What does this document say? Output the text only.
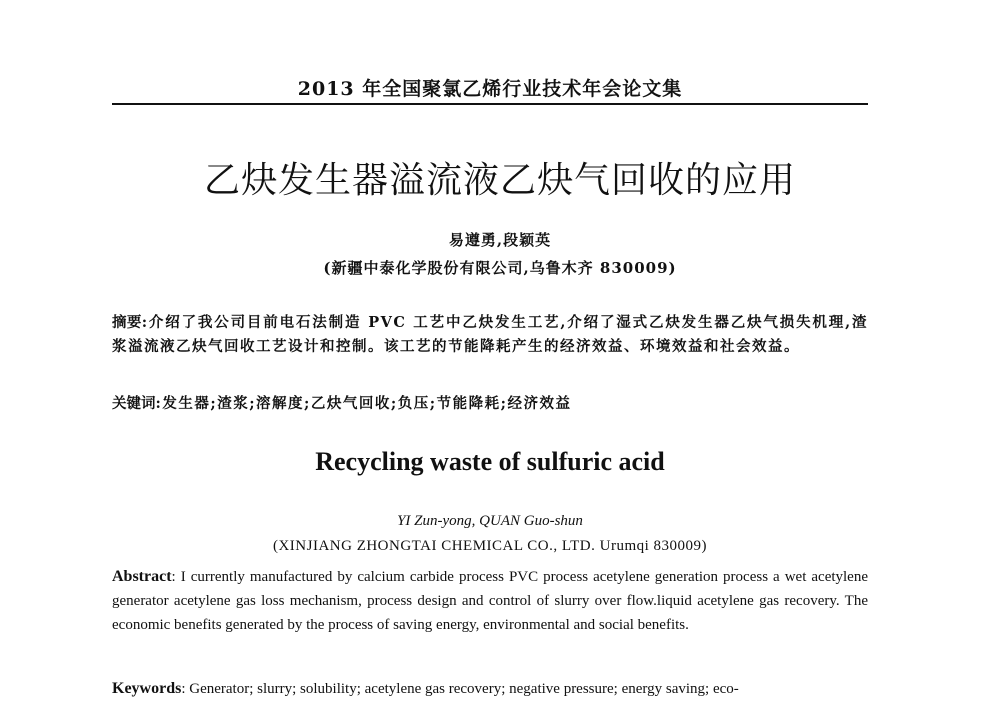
2013 年全国聚氯乙烯行业技术年会论文集
乙炔发生器溢流液乙炔气回收的应用
易遵勇,段颖英
(新疆中泰化学股份有限公司,乌鲁木齐 830009)
摘要:介绍了我公司目前电石法制造 PVC 工艺中乙炔发生工艺,介绍了湿式乙炔发生器乙炔气损失机理,渣浆溢流液乙炔气回收工艺设计和控制。该工艺的节能降耗产生的经济效益、环境效益和社会效益。
关键词:发生器;渣浆;溶解度;乙炔气回收;负压;节能降耗;经济效益
Recycling waste of sulfuric acid
YI Zun-yong, QUAN Guo-shun
(XINJIANG ZHONGTAI CHEMICAL CO., LTD. Urumqi 830009)
Abstract: I currently manufactured by calcium carbide process PVC process acetylene generation process a wet acetylene generator acetylene gas loss mechanism, process design and control of slurry over flow.liquid acetylene gas recovery. The economic benefits generated by the process of saving energy, environmental and social benefits.
Keywords: Generator; slurry; solubility; acetylene gas recovery; negative pressure; energy saving; eco-
